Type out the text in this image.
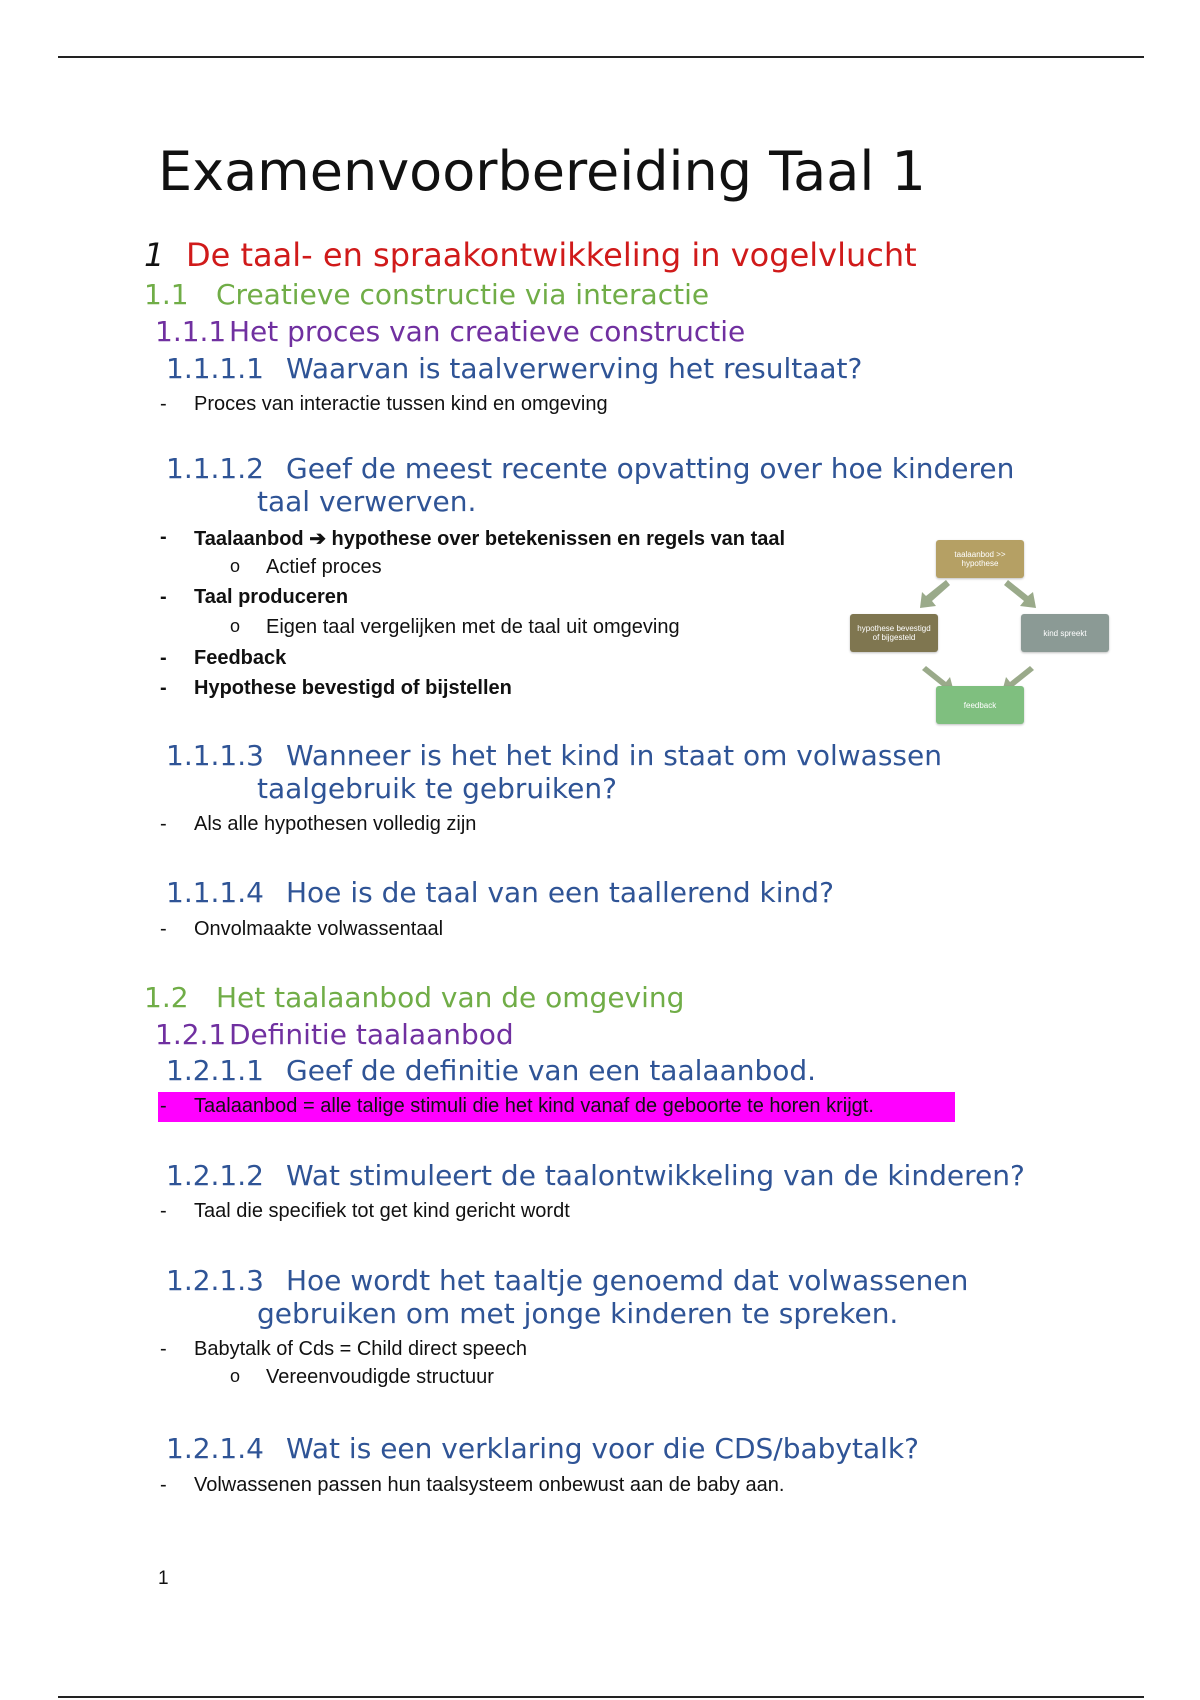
Examenvoorbereiding Taal 1
1 De taal- en spraakontwikkeling in vogelvlucht
1.1 Creatieve constructie via interactie
1.1.1Het proces van creatieve constructie
1.1.1.1 Waarvan is taalverwerving het resultaat?
- Proces van interactie tussen kind en omgeving
1.1.1.2 Geef de meest recente opvatting over hoe kinderen
taal verwerven.
- Taalaanbod ➔ hypothese over betekenissen en regels van taal
o Actief proces
- Taal produceren
o Eigen taal vergelijken met de taal uit omgeving
- Feedback
- Hypothese bevestigd of bijstellen
taalaanbod >> hypothese
kind spreekt
feedback
hypothese bevestigd of bijgesteld
1.1.1.3 Wanneer is het het kind in staat om volwassen
taalgebruik te gebruiken?
- Als alle hypothesen volledig zijn
1.1.1.4 Hoe is de taal van een taallerend kind?
- Onvolmaakte volwassentaal
1.2 Het taalaanbod van de omgeving
1.2.1Definitie taalaanbod
1.2.1.1 Geef de definitie van een taalaanbod.
- Taalaanbod = alle talige stimuli die het kind vanaf de geboorte te horen krijgt.
1.2.1.2 Wat stimuleert de taalontwikkeling van de kinderen?
- Taal die specifiek tot get kind gericht wordt
1.2.1.3 Hoe wordt het taaltje genoemd dat volwassenen
gebruiken om met jonge kinderen te spreken.
- Babytalk of Cds = Child direct speech
o Vereenvoudigde structuur
1.2.1.4 Wat is een verklaring voor die CDS/babytalk?
- Volwassenen passen hun taalsysteem onbewust aan de baby aan.
1
